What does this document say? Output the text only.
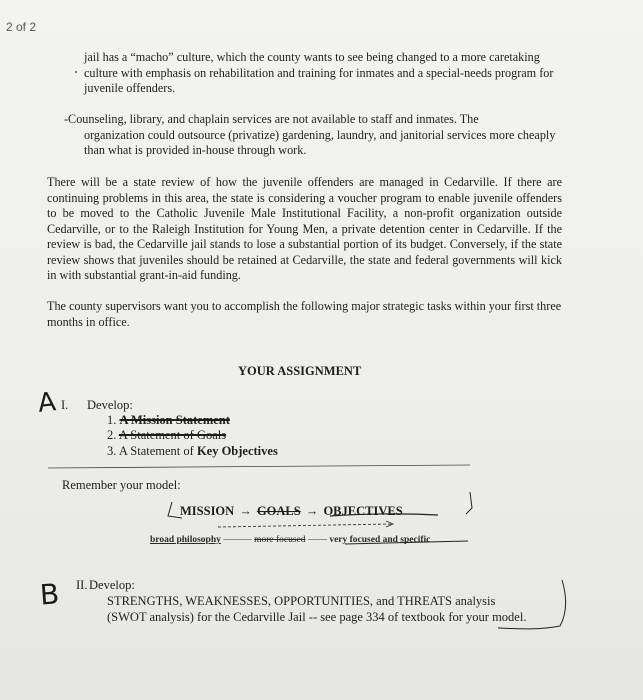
2 of 2

jail has a “macho” culture, which the county wants to see being changed to a more caretaking culture with emphasis on rehabilitation and training for inmates and a special-needs program for juvenile offenders.

-Counseling, library, and chaplain services are not available to staff and inmates. The
organization could outsource (privatize) gardening, laundry, and janitorial services more cheaply than what is provided in-house through work.

There will be a state review of how the juvenile offenders are managed in Cedarville. If there are continuing problems in this area, the state is considering a voucher program to enable juvenile offenders to be moved to the Catholic Juvenile Male Institutional Facility, a non-profit organization outside Cedarville, or to the Raleigh Institution for Young Men, a private detention center in Cedarville. If the review is bad, the Cedarville jail stands to lose a substantial portion of its budget. Conversely, if the state review shows that juveniles should be retained at Cedarville, the state and federal governments will kick in with substantial grant-in-aid funding.

The county supervisors want you to accomplish the following major strategic tasks within your first three months in office.

YOUR ASSIGNMENT
A I. Develop:
1. A Mission Statement
2. A Statement of Goals
3. A Statement of Key Objectives
Remember your model:
MISSION → GOALS → OBJECTIVES
broad philosophy ——— more focused —— very focused and specific
B II. Develop:
STRENGTHS, WEAKNESSES, OPPORTUNITIES, and THREATS analysis
(SWOT analysis) for the Cedarville Jail -- see page 334 of textbook for your model.
